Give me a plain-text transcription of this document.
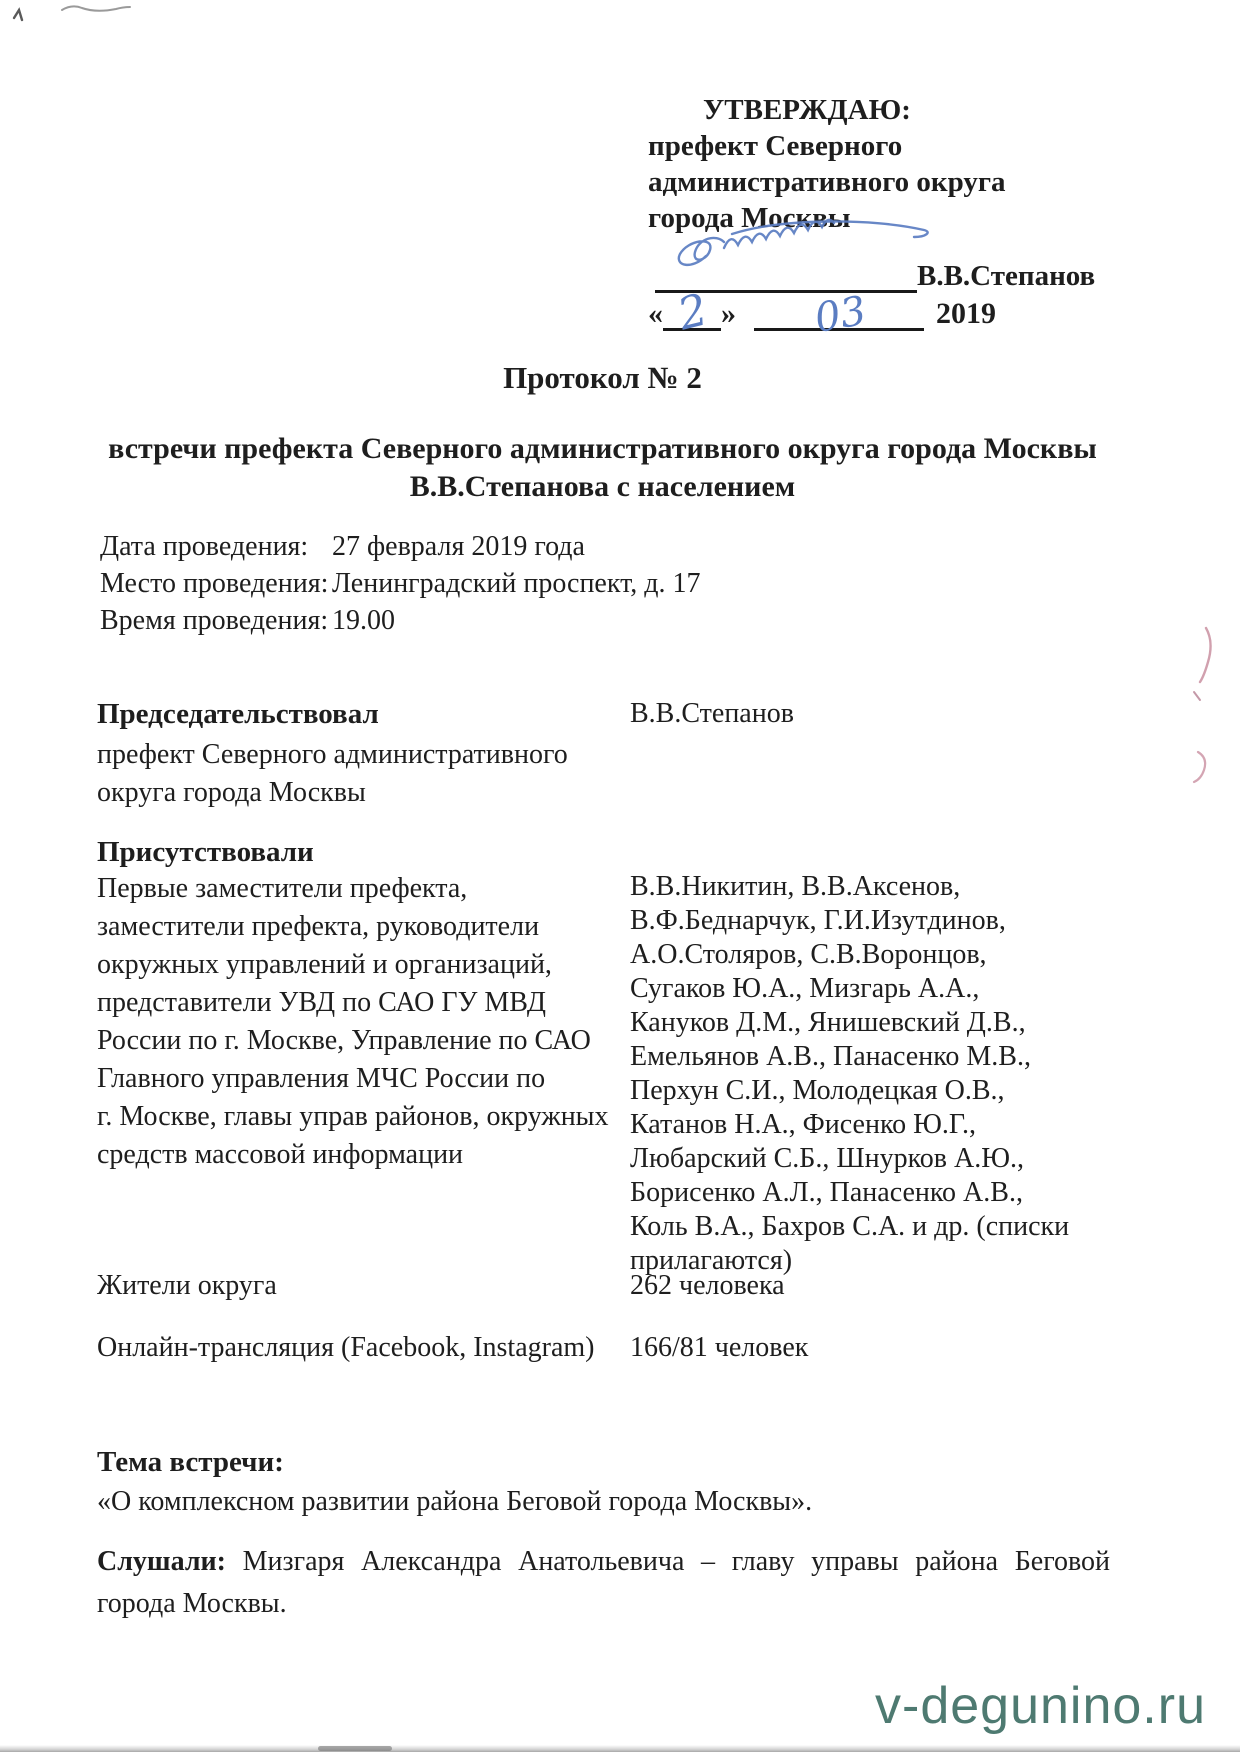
УТВЕРЖДАЮ:
префект Северного
административного округа
города Москвы
В.В.Степанов
« 2 » 03 2019
Протокол № 2
встречи префекта Северного административного округа города Москвы
В.В.Степанова с населением
Дата проведения: 27 февраля 2019 года
Место проведения: Ленинградский проспект, д. 17
Время проведения: 19.00
Председательствовал	В.В.Степанов
префект Северного административного
округа города Москвы
Присутствовали
Первые заместители префекта,
заместители префекта, руководители
окружных управлений и организаций,
представители УВД по САО ГУ МВД
России по г. Москве, Управление по САО
Главного управления МЧС России по
г. Москве, главы управ районов, окружных
средств массовой информации
В.В.Никитин, В.В.Аксенов,
В.Ф.Беднарчук, Г.И.Изутдинов,
А.О.Столяров, С.В.Воронцов,
Сугаков Ю.А., Мизгарь А.А.,
Кануков Д.М., Янишевский Д.В.,
Емельянов А.В., Панасенко М.В.,
Перхун С.И., Молодецкая О.В.,
Катанов Н.А., Фисенко Ю.Г.,
Любарский С.Б., Шнурков А.Ю.,
Борисенко А.Л., Панасенко А.В.,
Коль В.А., Бахров С.А. и др. (списки
прилагаются)
Жители округа	262 человека
Онлайн-трансляция (Facebook, Instagram) 166/81 человек
Тема встречи:
«О комплексном развитии района Беговой города Москвы».
Слушали: Мизгаря Александра Анатольевича – главу управы района Беговой
города Москвы.
v-degunino.ru
